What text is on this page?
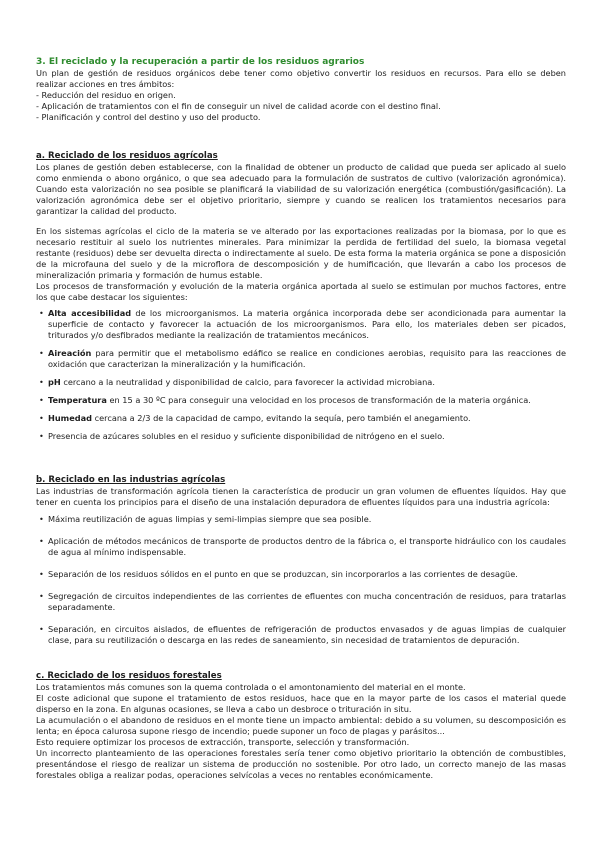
3. El reciclado y la recuperación a partir de los residuos agrarios

Un plan de gestión de residuos orgánicos debe tener como objetivo convertir los residuos en recursos. Para ello se deben realizar acciones en tres ámbitos:

- Reducción del residuo en origen.

- Aplicación de tratamientos con el fin de conseguir un nivel de calidad acorde con el destino final.

- Planificación y control del destino y uso del producto.

a. Reciclado de los residuos agrícolas

Los planes de gestión deben establecerse, con la finalidad de obtener un producto de calidad que pueda ser aplicado al suelo como enmienda o abono orgánico, o que sea adecuado para la formulación de sustratos de cultivo (valorización agronómica). Cuando esta valorización no sea posible se planificará la viabilidad de su valorización energética (combustión/gasificación). La valorización agronómica debe ser el objetivo prioritario, siempre y cuando se realicen los tratamientos necesarios para garantizar la calidad del producto.

En los sistemas agrícolas el ciclo de la materia se ve alterado por las exportaciones realizadas por la biomasa, por lo que es necesario restituir al suelo los nutrientes minerales. Para minimizar la perdida de fertilidad del suelo, la biomasa vegetal restante (residuos) debe ser devuelta directa o indirectamente al suelo. De esta forma la materia orgánica se pone a disposición de la microfauna del suelo y de la microflora de descomposición y de humificación, que llevarán a cabo los procesos de mineralización primaria y formación de humus estable.

Los procesos de transformación y evolución de la materia orgánica aportada al suelo se estimulan por muchos factores, entre los que cabe destacar los siguientes:

• Alta accesibilidad de los microorganismos. La materia orgánica incorporada debe ser acondicionada para aumentar la superficie de contacto y favorecer la actuación de los microorganismos. Para ello, los materiales deben ser picados, triturados y/o desfibrados mediante la realización de tratamientos mecánicos.
• Aireación para permitir que el metabolismo edáfico se realice en condiciones aerobias, requisito para las reacciones de oxidación que caracterizan la mineralización y la humificación.
• pH cercano a la neutralidad y disponibilidad de calcio, para favorecer la actividad microbiana.
• Temperatura en 15 a 30 ºC para conseguir una velocidad en los procesos de transformación de la materia orgánica.
• Humedad cercana a 2/3 de la capacidad de campo, evitando la sequía, pero también el anegamiento.
• Presencia de azúcares solubles en el residuo y suficiente disponibilidad de nitrógeno en el suelo.
b. Reciclado en las industrias agrícolas

Las industrias de transformación agrícola tienen la característica de producir un gran volumen de efluentes líquidos. Hay que tener en cuenta los principios para el diseño de una instalación depuradora de efluentes líquidos para una industria agrícola:

• Máxima reutilización de aguas limpias y semi-limpias siempre que sea posible.
• Aplicación de métodos mecánicos de transporte de productos dentro de la fábrica o, el transporte hidráulico con los caudales de agua al mínimo indispensable.
• Separación de los residuos sólidos en el punto en que se produzcan, sin incorporarlos a las corrientes de desagüe.
• Segregación de circuitos independientes de las corrientes de efluentes con mucha concentración de residuos, para tratarlas separadamente.
• Separación, en circuitos aislados, de efluentes de refrigeración de productos envasados y de aguas limpias de cualquier clase, para su reutilización o descarga en las redes de saneamiento, sin necesidad de tratamientos de depuración.
c. Reciclado de los residuos forestales

Los tratamientos más comunes son la quema controlada o el amontonamiento del material en el monte.

El coste adicional que supone el tratamiento de estos residuos, hace que en la mayor parte de los casos el material quede disperso en la zona. En algunas ocasiones, se lleva a cabo un desbroce o trituración in situ.

La acumulación o el abandono de residuos en el monte tiene un impacto ambiental: debido a su volumen, su descomposición es lenta; en época calurosa supone riesgo de incendio; puede suponer un foco de plagas y parásitos...

Esto requiere optimizar los procesos de extracción, transporte, selección y transformación.

Un incorrecto planteamiento de las operaciones forestales sería tener como objetivo prioritario la obtención de combustibles, presentándose el riesgo de realizar un sistema de producción no sostenible. Por otro lado, un correcto manejo de las masas forestales obliga a realizar podas, operaciones selvícolas a veces no rentables económicamente.
